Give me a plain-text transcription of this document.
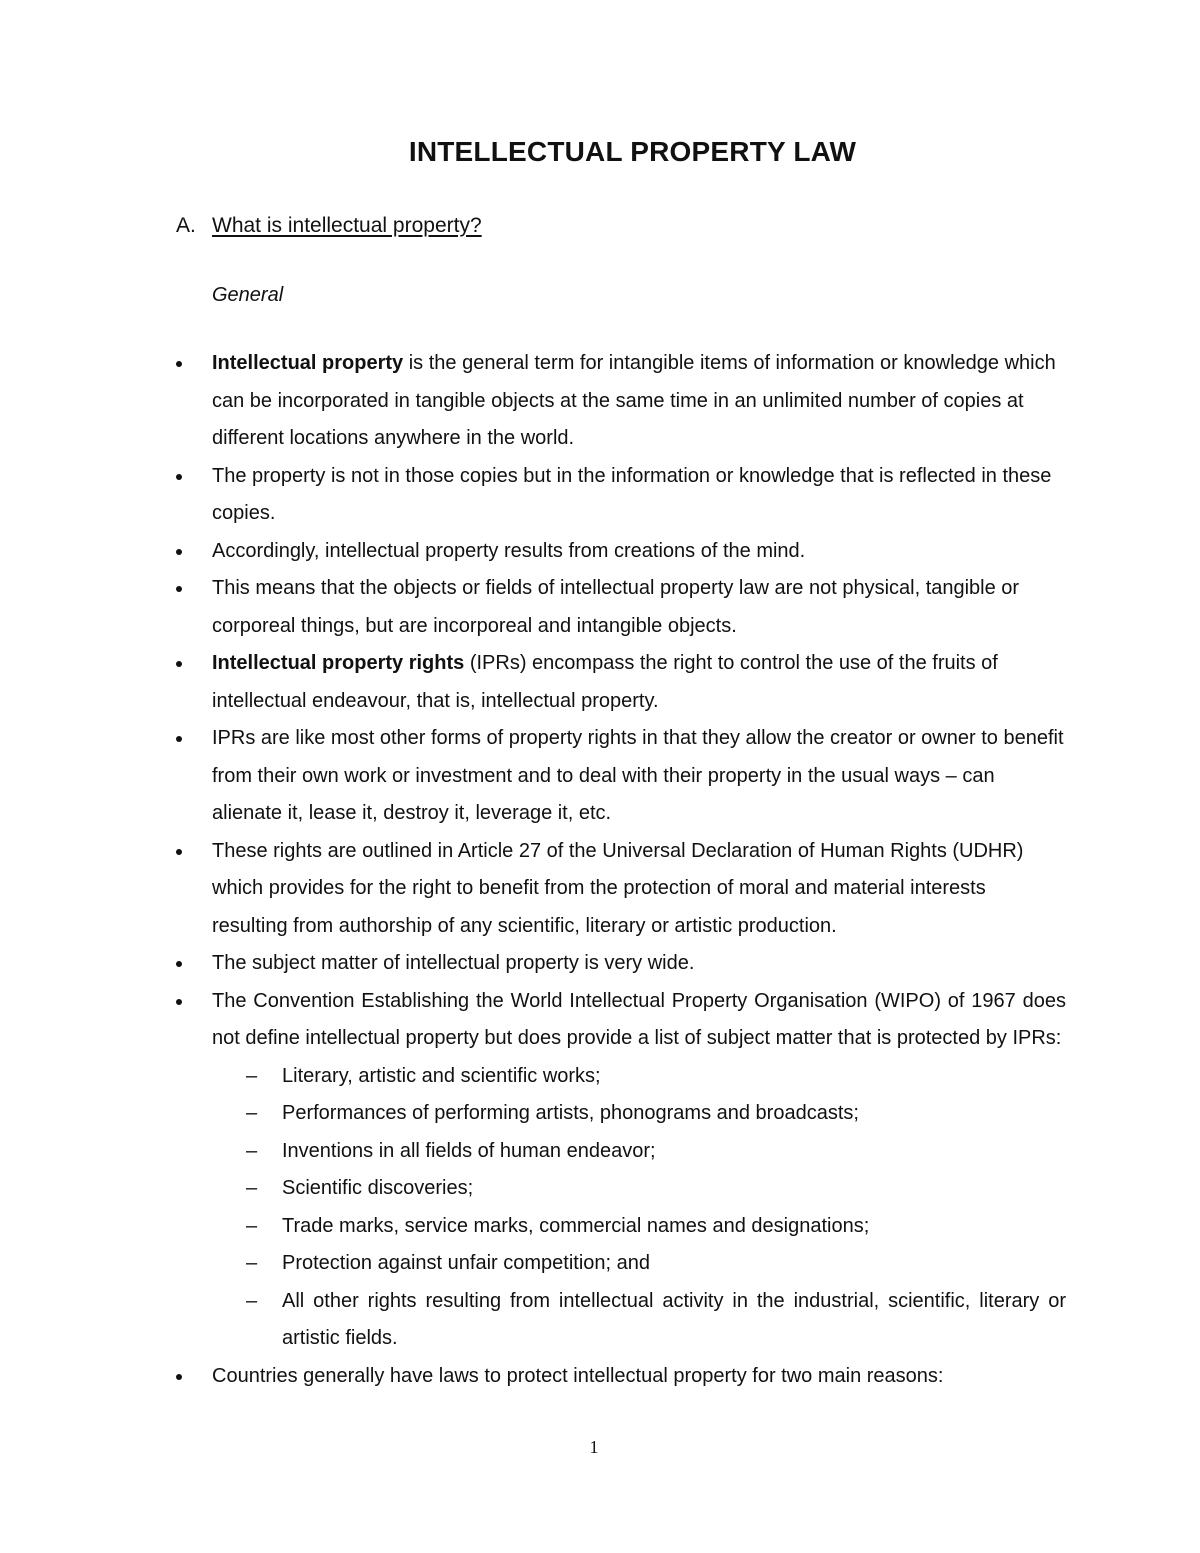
INTELLECTUAL PROPERTY LAW
A. What is intellectual property?
General
Intellectual property is the general term for intangible items of information or knowledge which can be incorporated in tangible objects at the same time in an unlimited number of copies at different locations anywhere in the world.
The property is not in those copies but in the information or knowledge that is reflected in these copies.
Accordingly, intellectual property results from creations of the mind.
This means that the objects or fields of intellectual property law are not physical, tangible or corporeal things, but are incorporeal and intangible objects.
Intellectual property rights (IPRs) encompass the right to control the use of the fruits of intellectual endeavour, that is, intellectual property.
IPRs are like most other forms of property rights in that they allow the creator or owner to benefit from their own work or investment and to deal with their property in the usual ways – can alienate it, lease it, destroy it, leverage it, etc.
These rights are outlined in Article 27 of the Universal Declaration of Human Rights (UDHR) which provides for the right to benefit from the protection of moral and material interests resulting from authorship of any scientific, literary or artistic production.
The subject matter of intellectual property is very wide.
The Convention Establishing the World Intellectual Property Organisation (WIPO) of 1967 does not define intellectual property but does provide a list of subject matter that is protected by IPRs:
– Literary, artistic and scientific works;
– Performances of performing artists, phonograms and broadcasts;
– Inventions in all fields of human endeavor;
– Scientific discoveries;
– Trade marks, service marks, commercial names and designations;
– Protection against unfair competition; and
– All other rights resulting from intellectual activity in the industrial, scientific, literary or artistic fields.
Countries generally have laws to protect intellectual property for two main reasons:
1
